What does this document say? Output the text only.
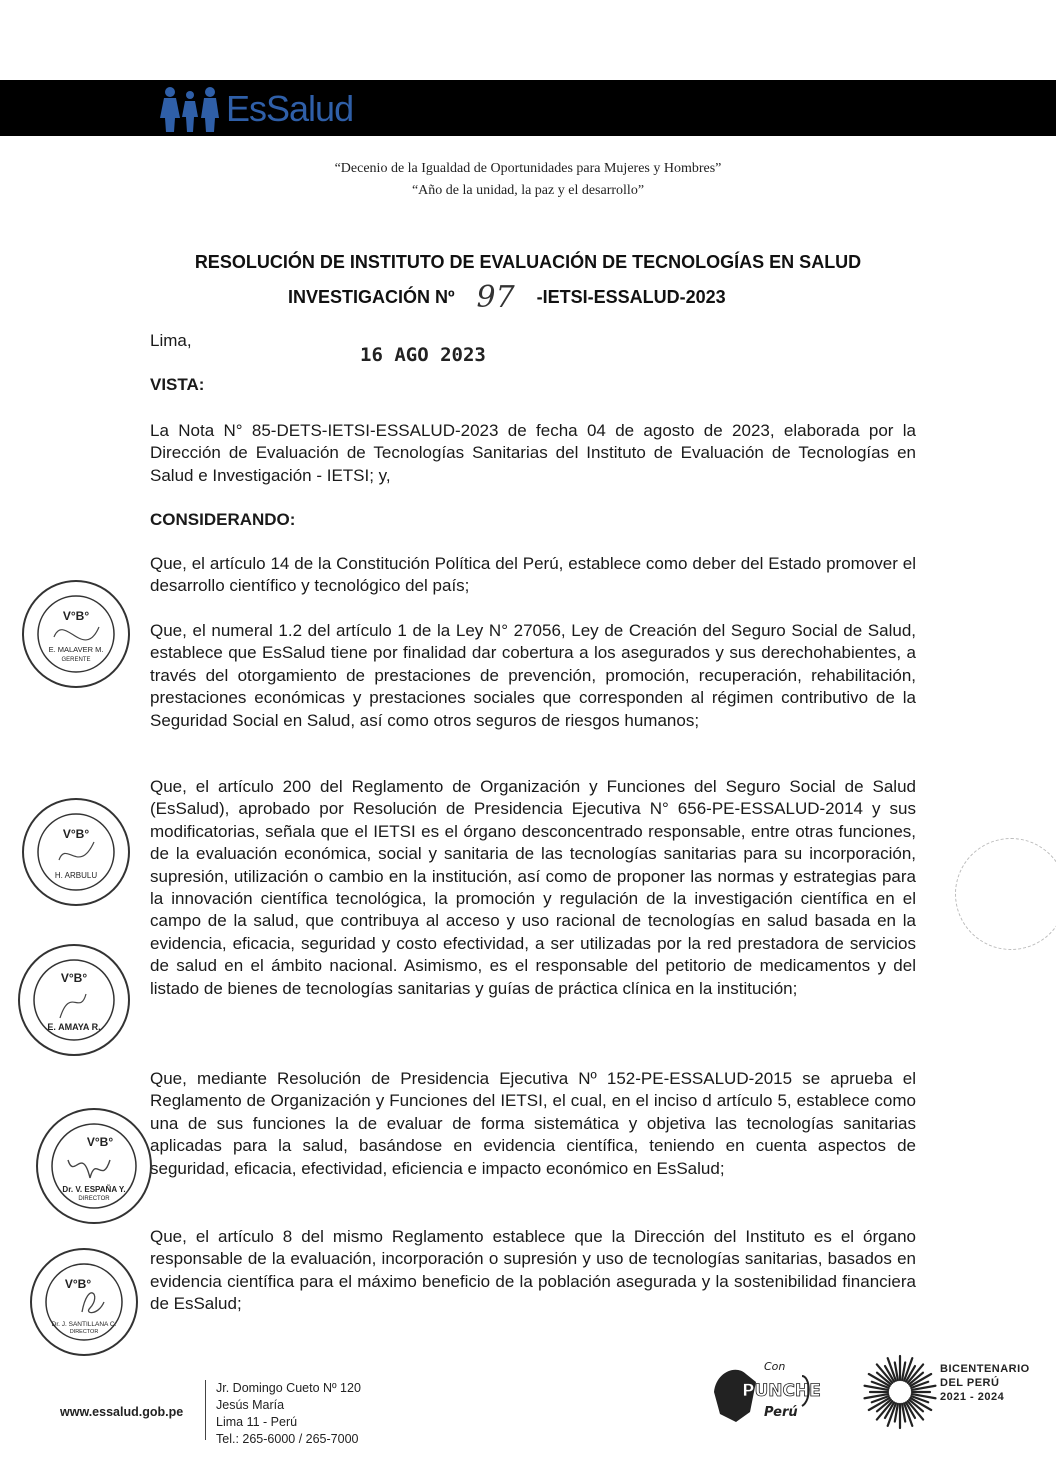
EsSalud
“Decenio de la Igualdad de Oportunidades para Mujeres y Hombres”
“Año de la unidad, la paz y el desarrollo”
RESOLUCIÓN DE INSTITUTO DE EVALUACIÓN DE TECNOLOGÍAS EN SALUD
INVESTIGACIÓN Nº 97 -IETSI-ESSALUD-2023
Lima,
16 AGO 2023
VISTA:
La Nota N° 85-DETS-IETSI-ESSALUD-2023 de fecha 04 de agosto de 2023, elaborada por la Dirección de Evaluación de Tecnologías Sanitarias del Instituto de Evaluación de Tecnologías en Salud e Investigación - IETSI; y,
CONSIDERANDO:
Que, el artículo 14 de la Constitución Política del Perú, establece como deber del Estado promover el desarrollo científico y tecnológico del país;
Que, el numeral 1.2 del artículo 1 de la Ley N° 27056, Ley de Creación del Seguro Social de Salud, establece que EsSalud tiene por finalidad dar cobertura a los asegurados y sus derechohabientes, a través del otorgamiento de prestaciones de prevención, promoción, recuperación, rehabilitación, prestaciones económicas y prestaciones sociales que corresponden al régimen contributivo de la Seguridad Social en Salud, así como otros seguros de riesgos humanos;
Que, el artículo 200 del Reglamento de Organización y Funciones del Seguro Social de Salud (EsSalud), aprobado por Resolución de Presidencia Ejecutiva N° 656-PE-ESSALUD-2014 y sus modificatorias, señala que el IETSI es el órgano desconcentrado responsable, entre otras funciones, de la evaluación económica, social y sanitaria de las tecnologías sanitarias para su incorporación, supresión, utilización o cambio en la institución, así como de proponer las normas y estrategias para la innovación científica tecnológica, la promoción y regulación de la investigación científica en el campo de la salud, que contribuya al acceso y uso racional de tecnologías en salud basada en la evidencia, eficacia, seguridad y costo efectividad, a ser utilizadas por la red prestadora de servicios de salud en el ámbito nacional. Asimismo, es el responsable del petitorio de medicamentos y del listado de bienes de tecnologías sanitarias y guías de práctica clínica en la institución;
Que, mediante Resolución de Presidencia Ejecutiva Nº 152-PE-ESSALUD-2015 se aprueba el Reglamento de Organización y Funciones del IETSI, el cual, en el inciso d artículo 5, establece como una de sus funciones la de evaluar de forma sistemática y objetiva las tecnologías sanitarias aplicadas para la salud, basándose en evidencia científica, teniendo en cuenta aspectos de seguridad, eficacia, efectividad, eficiencia e impacto económico en EsSalud;
Que, el artículo 8 del mismo Reglamento establece que la Dirección del Instituto es el órgano responsable de la evaluación, incorporación o supresión y uso de tecnologías sanitarias, basados en evidencia científica para el máximo beneficio de la población asegurada y la sostenibilidad financiera de EsSalud;
V°B°
E. MALAVER M.
GERENTE
V°B°
H. ARBULU
V°B°
E. AMAYA R.
V°B°
Dr. V. ESPAÑA Y.
DIRECTOR
V°B°
Dr. J. SANTILLANA C.
DIRECTOR
www.essalud.gob.pe
Jr. Domingo Cueto Nº 120
Jesús María
Lima 11 - Perú
Tel.: 265-6000 / 265-7000
Con
PUNCHE
Perú
BICENTENARIO
DEL PERÚ
2021 - 2024
